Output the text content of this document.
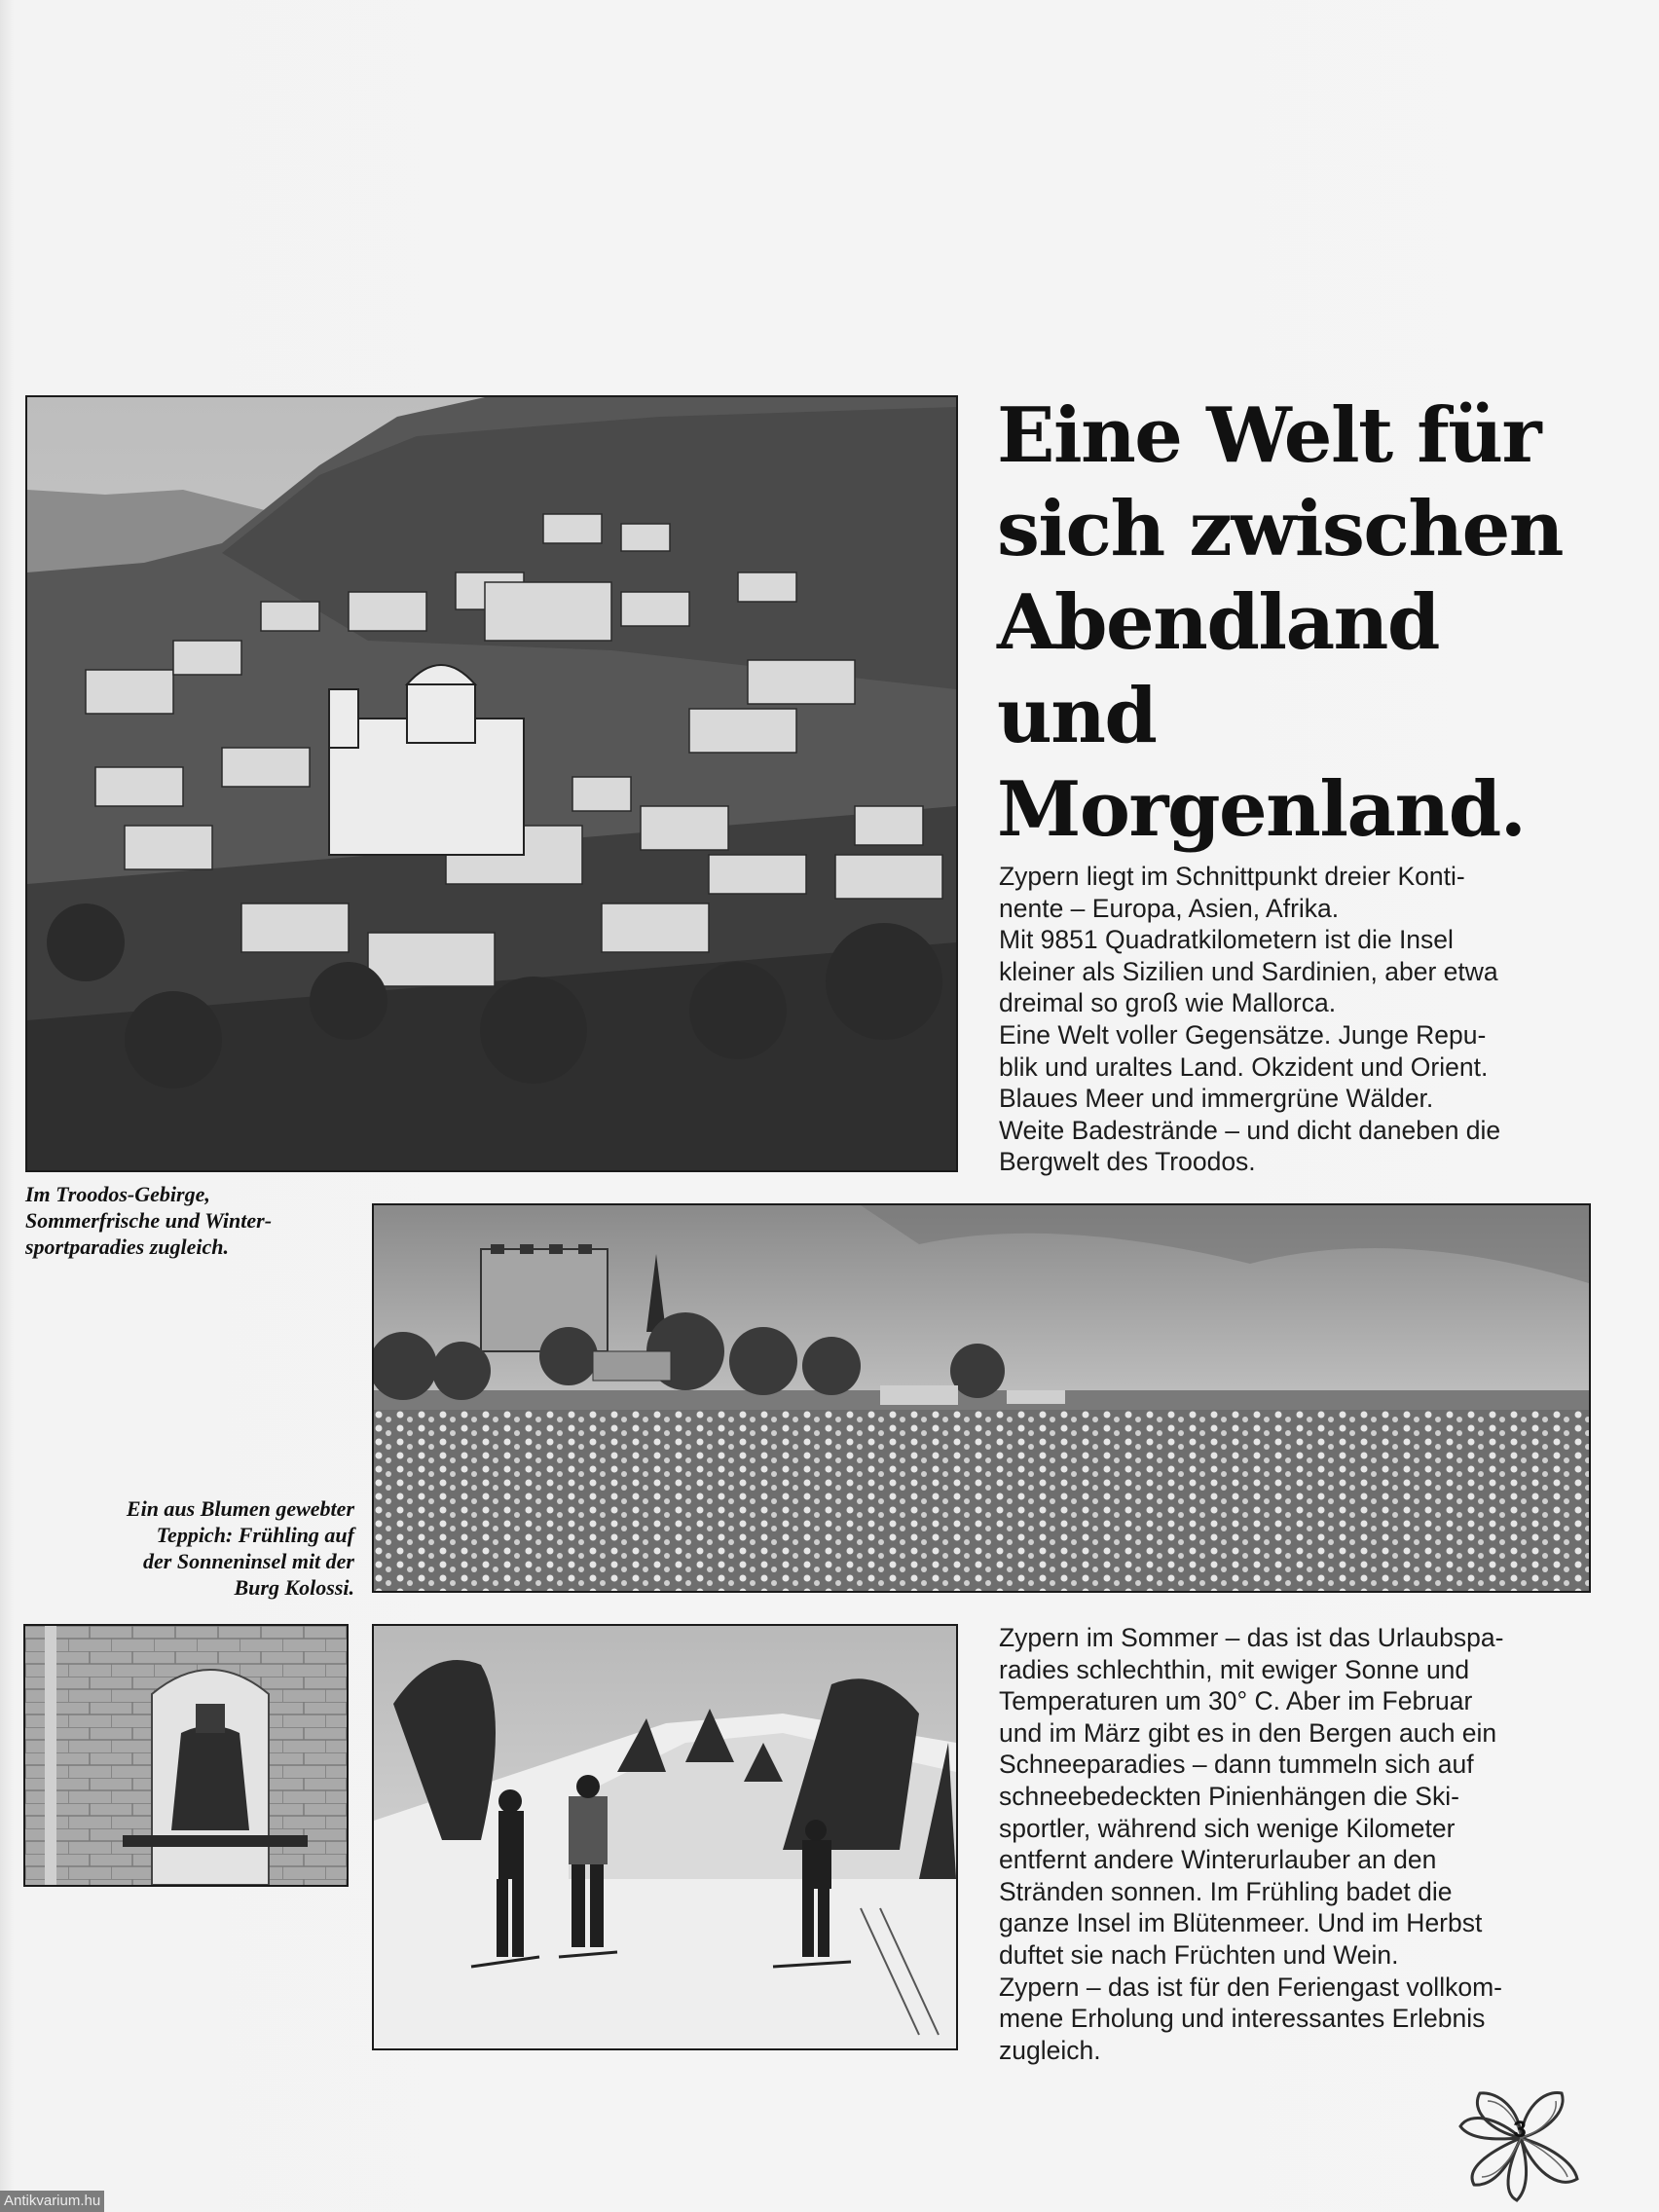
Eine Welt für
sich zwischen
Abendland
und
Morgenland.
Zypern liegt im Schnittpunkt dreier Konti-
nente – Europa, Asien, Afrika.
Mit 9851 Quadratkilometern ist die Insel
kleiner als Sizilien und Sardinien, aber etwa
dreimal so groß wie Mallorca.
Eine Welt voller Gegensätze. Junge Repu-
blik und uraltes Land. Okzident und Orient.
Blaues Meer und immergrüne Wälder.
Weite Badestrände – und dicht daneben die
Bergwelt des Troodos.
Im Troodos-Gebirge,
Sommerfrische und Winter-
sportparadies zugleich.
Ein aus Blumen gewebter
Teppich: Frühling auf
der Sonneninsel mit der
Burg Kolossi.
Zypern im Sommer – das ist das Urlaubspa-
radies schlechthin, mit ewiger Sonne und
Temperaturen um 30° C. Aber im Februar
und im März gibt es in den Bergen auch ein
Schneeparadies – dann tummeln sich auf
schneebedeckten Pinienhängen die Ski-
sportler, während sich wenige Kilometer
entfernt andere Winterurlauber an den
Stränden sonnen. Im Frühling badet die
ganze Insel im Blütenmeer. Und im Herbst
duftet sie nach Früchten und Wein.
Zypern – das ist für den Feriengast vollkom-
mene Erholung und interessantes Erlebnis
zugleich.
3
Antikvarium.hu
